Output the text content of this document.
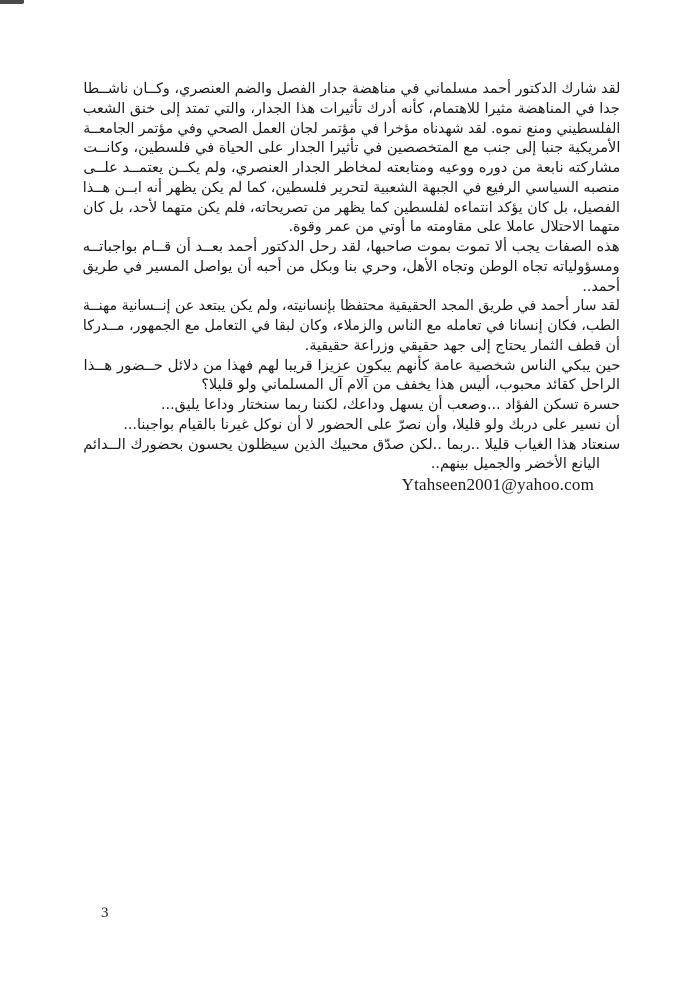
لقد شارك الدكتور أحمد مسلماني في مناهضة جدار الفصل والضم العنصري، وكــان ناشــطا
جدا في المناهضة مثيرا للاهتمام، كأنه أدرك تأثيرات هذا الجدار، والتي تمتد إلى خنق الشعب
الفلسطيني ومنع نموه. لقد شهدناه مؤخرا في مؤتمر لجان العمل الصحي وفي مؤتمر الجامعــة
الأمريكية جنبا إلى جنب مع المتخصصين في تأثيرا الجدار على الحياة في فلسطين، وكانــت
مشاركته نابعة من دوره ووعيه ومتابعته لمخاطر الجدار العنصري، ولم يكــن يعتمــد علــى
منصبه السياسي الرفيع في الجبهة الشعبية لتحرير فلسطين، كما لم يكن يظهر أنه ابــن هــذا
الفصيل، بل كان يؤكد انتماءه لفلسطين كما يظهر من تصريحاته، فلم يكن متهما لأحد، بل كان
متهما الاحتلال عاملا على مقاومته ما أوتي من عمر وقوة.
هذه الصفات يجب ألا تموت بموت صاحبها، لقد رحل الدكتور أحمد بعــد أن قــام بواجباتــه
ومسؤولياته تجاه الوطن وتجاه الأهل، وحري بنا وبكل من أحبه أن يواصل المسير في طريق
أحمد..
لقد سار أحمد في طريق المجد الحقيقية محتفظا بإنسانيته، ولم يكن يبتعد عن إنــسانية مهنــة
الطب، فكان إنسانا في تعامله مع الناس والزملاء، وكان لبقا في التعامل مع الجمهور، مــدركا
أن قطف الثمار يحتاج إلى جهد حقيقي وزراعة حقيقية.
حين يبكي الناس شخصية عامة كأنهم يبكون عزيزا قريبا لهم فهذا من دلائل حــضور هــذا
الراحل كقائد محبوب، أليس هذا يخفف من آلام آل المسلماني ولو قليلا؟
حسرة تسكن الفؤاد ...وصعب أن يسهل وداعك، لكننا ربما سنختار وداعا يليق...
أن نسير على دربك ولو قليلا، وأن نصرّ على الحضور لا أن نوكل غيرنا بالقيام بواجبنا...
سنعتاد هذا الغياب قليلا ..ربما ..لكن صدّق محبيك الذين سيظلون يحسون بحضورك الــدائم
اليانع الأخضر والجميل بينهم..
Ytahseen2001@yahoo.com
3
